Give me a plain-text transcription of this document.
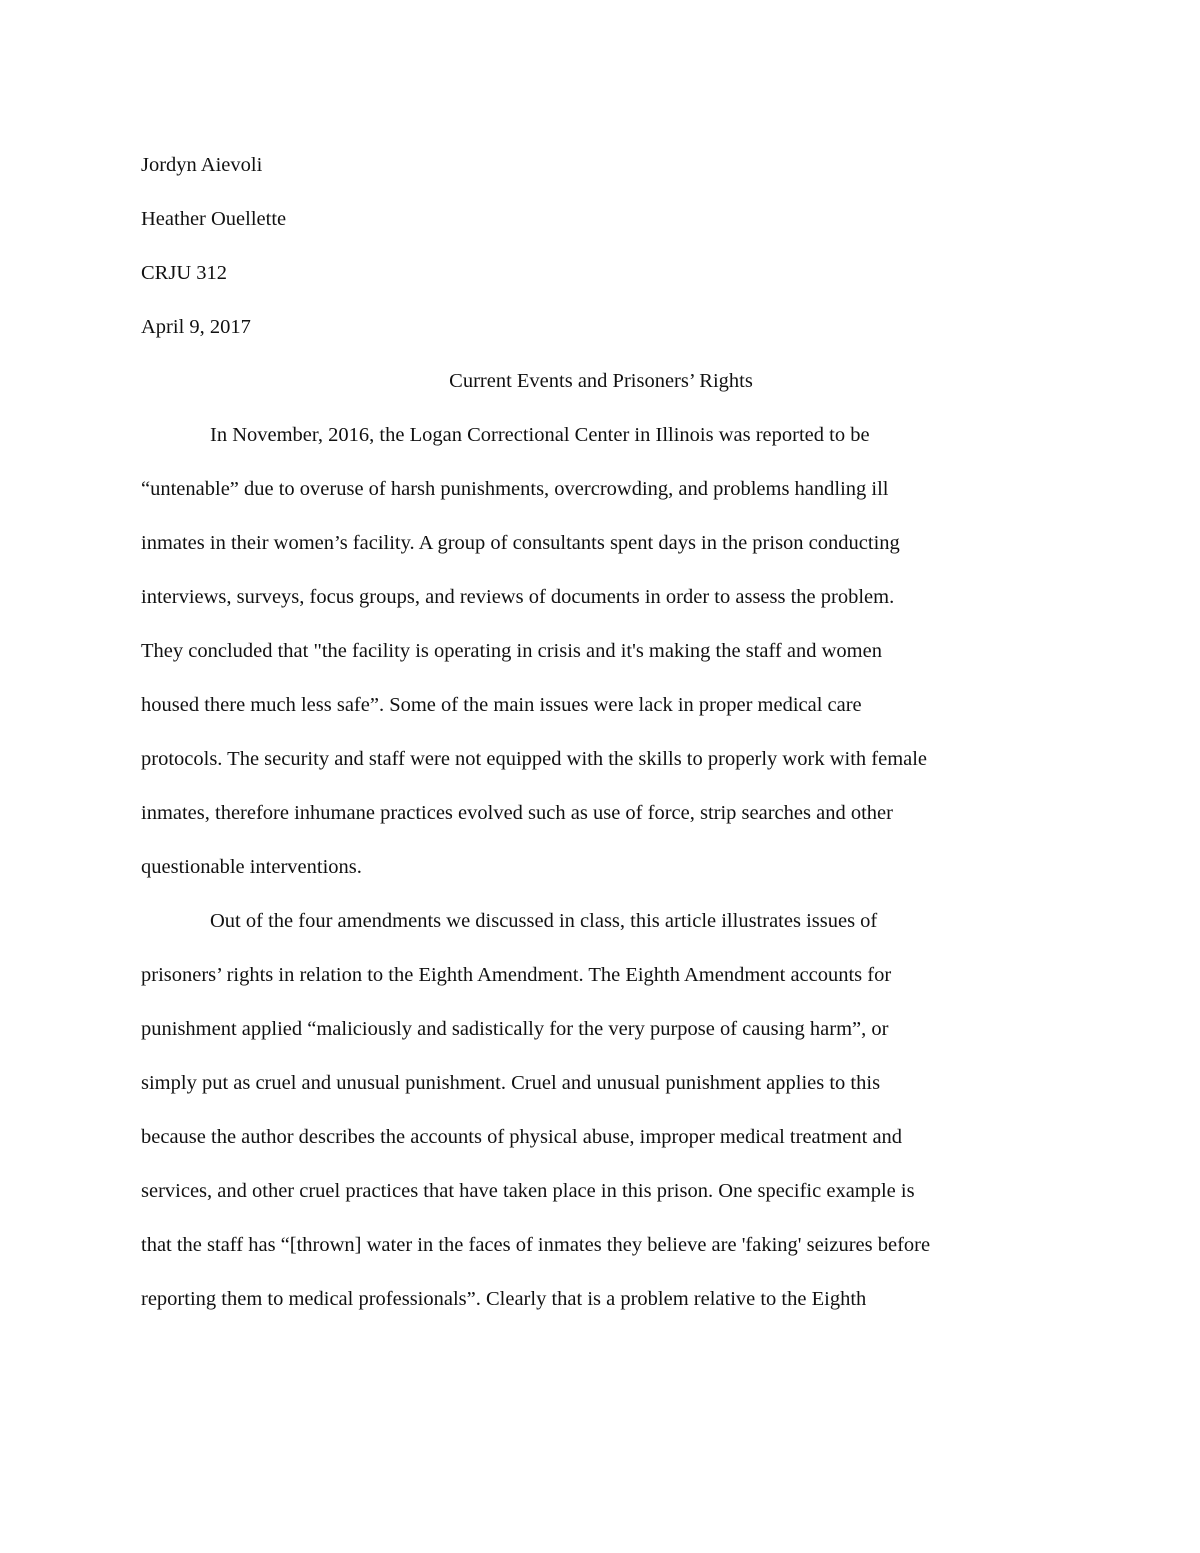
Jordyn Aievoli

Heather Ouellette

CRJU 312

April 9, 2017

Current Events and Prisoners’ Rights

In November, 2016, the Logan Correctional Center in Illinois was reported to be

“untenable” due to overuse of harsh punishments, overcrowding, and problems handling ill

inmates in their women’s facility. A group of consultants spent days in the prison conducting

interviews, surveys, focus groups, and reviews of documents in order to assess the problem.

They concluded that "the facility is operating in crisis and it's making the staff and women

housed there much less safe”. Some of the main issues were lack in proper medical care

protocols. The security and staff were not equipped with the skills to properly work with female

inmates, therefore inhumane practices evolved such as use of force, strip searches and other

questionable interventions.

Out of the four amendments we discussed in class, this article illustrates issues of

prisoners’ rights in relation to the Eighth Amendment. The Eighth Amendment accounts for

punishment applied “maliciously and sadistically for the very purpose of causing harm”, or

simply put as cruel and unusual punishment. Cruel and unusual punishment applies to this

because the author describes the accounts of physical abuse, improper medical treatment and

services, and other cruel practices that have taken place in this prison. One specific example is

that the staff has “[thrown] water in the faces of inmates they believe are 'faking' seizures before

reporting them to medical professionals”. Clearly that is a problem relative to the Eighth
